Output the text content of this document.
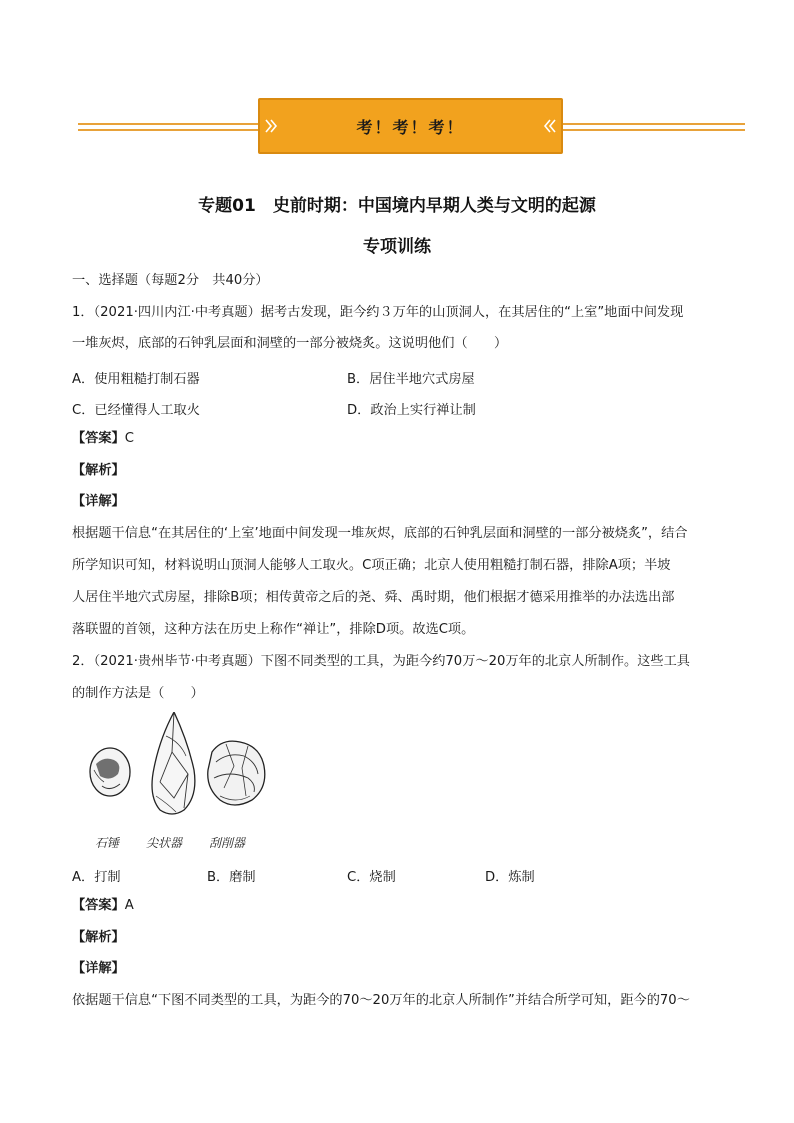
考！考！考！
专题01　史前时期：中国境内早期人类与文明的起源
专项训练
一、选择题（每题2分　共40分）
1．（2021·四川内江·中考真题）据考古发现，距今约３万年的山顶洞人，在其居住的“上室”地面中间发现
一堆灰烬，底部的石钟乳层面和洞壁的一部分被烧炙。这说明他们（　　）
A．使用粗糙打制石器	B．居住半地穴式房屋
C．已经懂得人工取火	D．政治上实行禅让制
【答案】C
【解析】
【详解】
根据题干信息“在其居住的‘上室’地面中间发现一堆灰烬，底部的石钟乳层面和洞壁的一部分被烧炙”，结合
所学知识可知，材料说明山顶洞人能够人工取火。C项正确；北京人使用粗糙打制石器，排除A项；半坡
人居住半地穴式房屋，排除B项；相传黄帝之后的尧、舜、禹时期，他们根据才德采用推举的办法选出部
落联盟的首领，这种方法在历史上称作“禅让”，排除D项。故选C项。
2．（2021·贵州毕节·中考真题）下图不同类型的工具，为距今约70万～20万年的北京人所制作。这些工具
的制作方法是（　　）
石锤 尖状器 刮削器
A．打制	B．磨制	C．烧制	D．炼制
【答案】A
【解析】
【详解】
依据题干信息“下图不同类型的工具，为距今的70～20万年的北京人所制作”并结合所学可知，距今的70～
